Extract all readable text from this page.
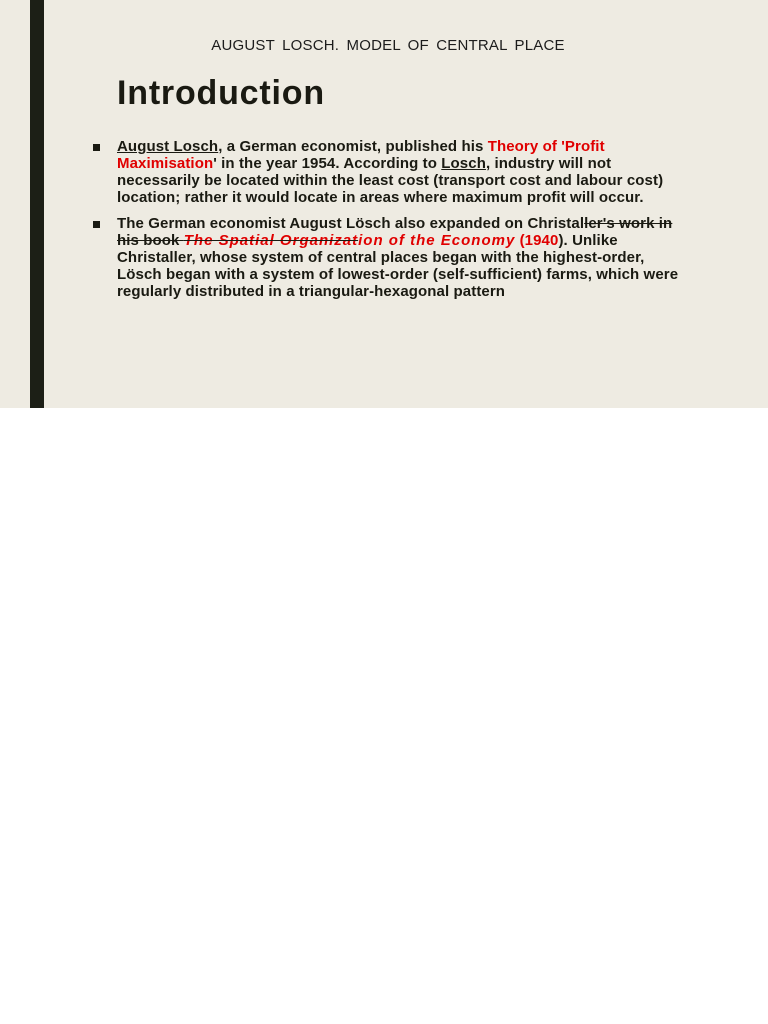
AUGUST LOSCH. MODEL OF CENTRAL PLACE
Introduction
August Losch, a German economist, published his Theory of 'Profit Maximisation' in the year 1954. According to Losch, industry will not necessarily be located within the least cost (transport cost and labour cost) location; rather it would locate in areas where maximum profit will occur.
The German economist August Lösch also expanded on Christaller's work in his book The Spatial Organization of the Economy (1940). Unlike Christaller, whose system of central places began with the highest-order, Lösch began with a system of lowest-order (self-sufficient) farms, which were regularly distributed in a triangular-hexagonal pattern
